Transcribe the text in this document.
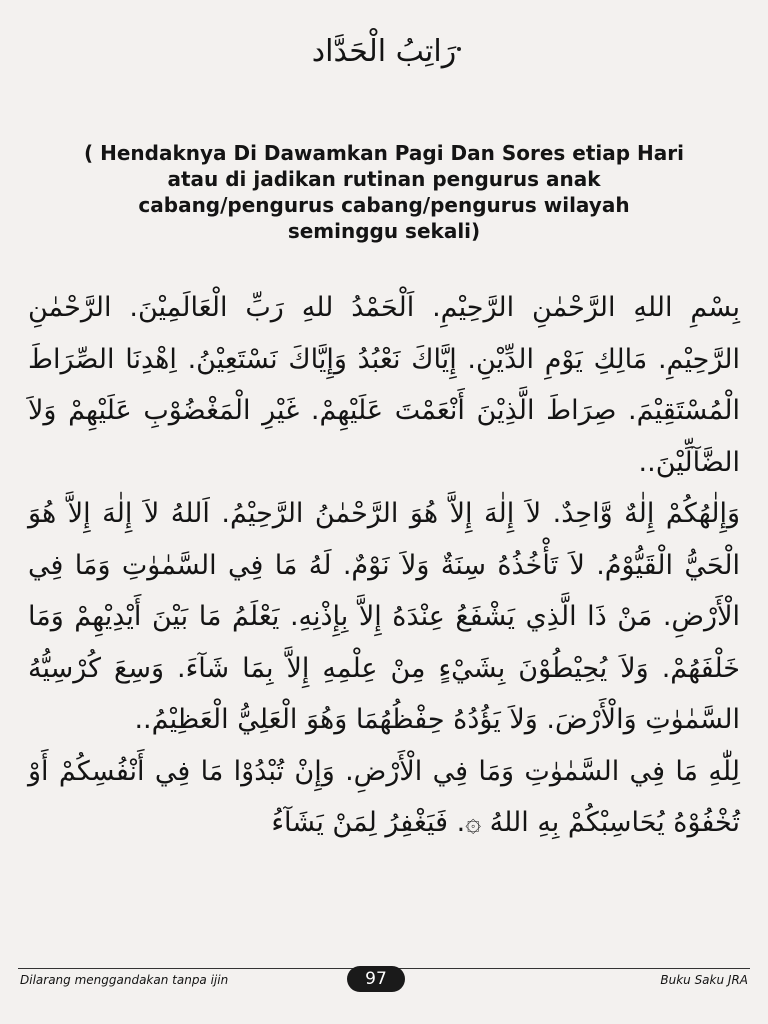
رَاتِبُ الْحَدَّاد
( Hendaknya Di Dawamkan Pagi Dan Sores etiap Hari
atau di jadikan rutinan pengurus anak
cabang/pengurus cabang/pengurus wilayah
seminggu sekali)

بِسْمِ اللهِ الرَّحْمٰنِ الرَّحِيْمِ. اَلْحَمْدُ للهِ رَبِّ الْعَالَمِيْنَ. الرَّحْمٰنِ الرَّحِيْمِ. مَالِكِ يَوْمِ الدِّيْنِ. إِيَّاكَ نَعْبُدُ وَإِيَّاكَ نَسْتَعِيْنُ. اِهْدِنَا الصِّرَاطَ الْمُسْتَقِيْمَ. صِرَاطَ الَّذِيْنَ أَنْعَمْتَ عَلَيْهِمْ. غَيْرِ الْمَغْضُوْبِ عَلَيْهِمْ وَلاَ الضَّآلِّيْنَ..

وَإِلٰهُكُمْ إِلٰهٌ وَّاحِدٌ. لاَ إِلٰهَ إِلاَّ هُوَ الرَّحْمٰنُ الرَّحِيْمُ. اَللهُ لاَ إِلٰهَ إِلاَّ هُوَ الْحَيُّ الْقَيُّوْمُ. لاَ تَأْخُذُهُ سِنَةٌ وَلاَ نَوْمٌ. لَهُ مَا فِي السَّمٰوٰتِ وَمَا فِي الْأَرْضِ. مَنْ ذَا الَّذِي يَشْفَعُ عِنْدَهُ إِلاَّ بِإِذْنِهِ. يَعْلَمُ مَا بَيْنَ أَيْدِيْهِمْ وَمَا خَلْفَهُمْ. وَلاَ يُحِيْطُوْنَ بِشَيْءٍ مِنْ عِلْمِهِ إِلاَّ بِمَا شَآءَ. وَسِعَ كُرْسِيُّهُ السَّمٰوٰتِ وَالْأَرْضَ. وَلاَ يَؤُدُهُ حِفْظُهُمَا وَهُوَ الْعَلِيُّ الْعَظِيْمُ..

لِلّٰهِ مَا فِي السَّمٰوٰتِ وَمَا فِي الْأَرْضِ. وَإِنْ تُبْدُوْا مَا فِي أَنْفُسِكُمْ أَوْ تُخْفُوْهُ يُحَاسِبْكُمْ بِهِ اللهُ ۞. فَيَغْفِرُ لِمَنْ يَشَآءُ

Dilarang menggandakan tanpa ijin	97	Buku Saku JRA
